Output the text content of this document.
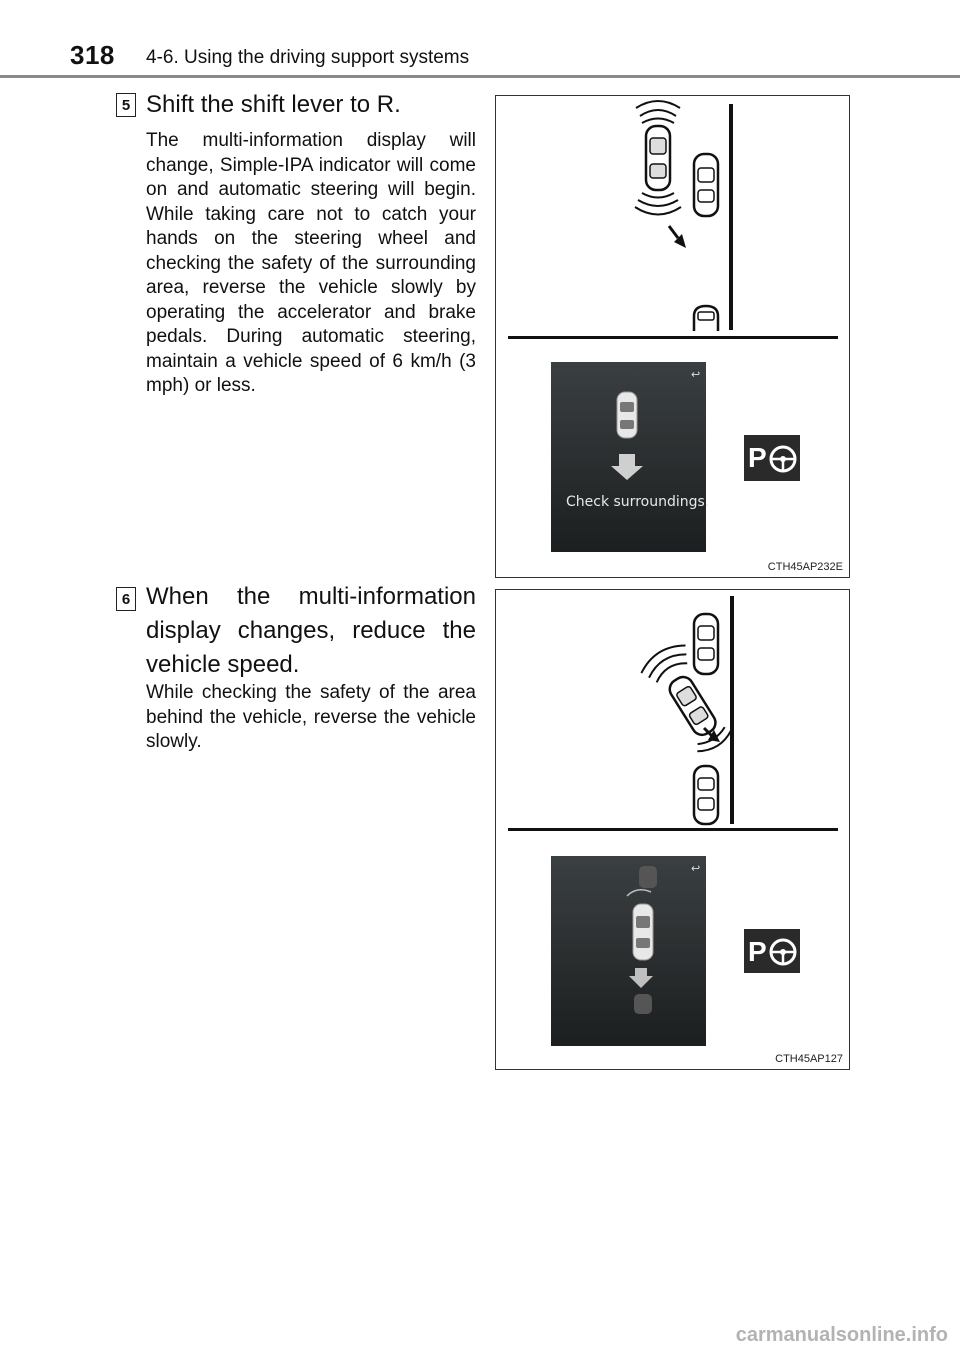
318 4-6. Using the driving support systems
5 Shift the shift lever to R.
The multi-information display will change, Simple-IPA indicator will come on and automatic steering will begin. While taking care not to catch your hands on the steering wheel and checking the safety of the surrounding area, reverse the vehicle slowly by operating the accelerator and brake pedals. During automatic steering, maintain a vehicle speed of 6 km/h (3 mph) or less.
↩
P
Check surroundings.
CTH45AP232E
6 When the multi-information display changes, reduce the vehicle speed.
While checking the safety of the area behind the vehicle, reverse the vehicle slowly.
↩
P
CTH45AP127
carmanualsonline.info
